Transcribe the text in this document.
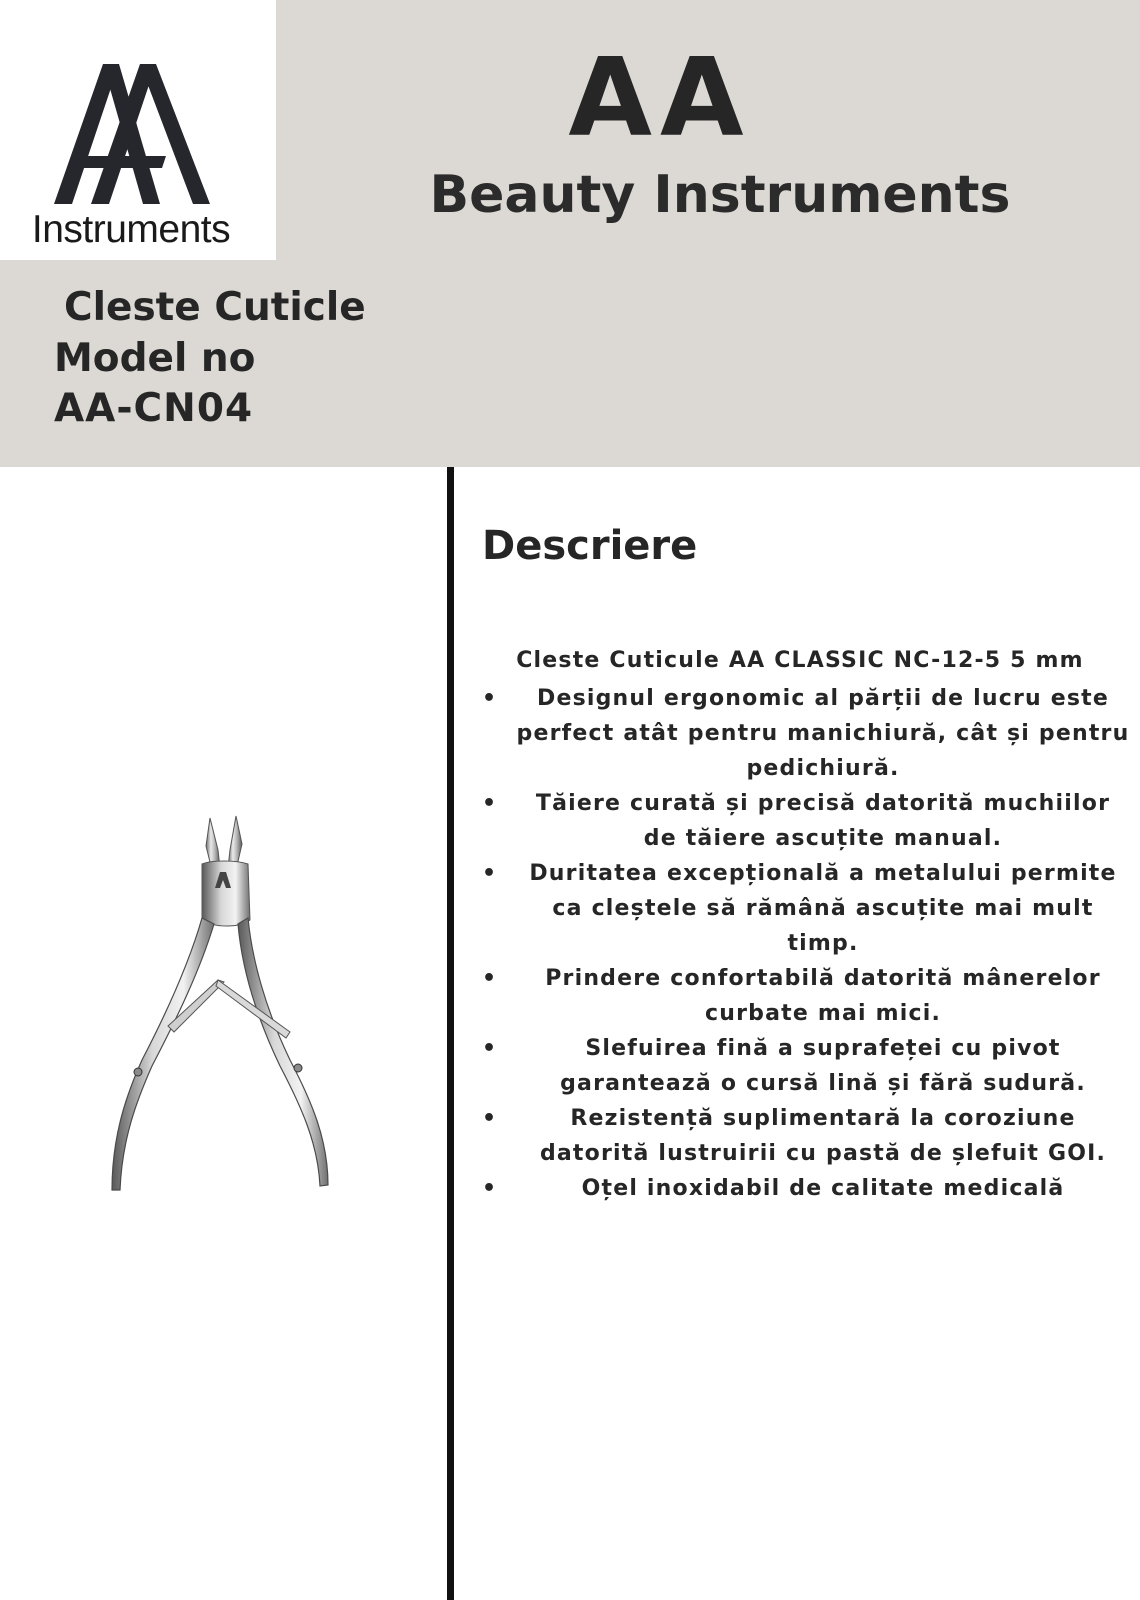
Instruments
AA
Beauty Instruments
Cleste Cuticle
Model no
AA-CN04
Descriere
Cleste Cuticule AA CLASSIC NC-12-5 5 mm
• Designul ergonomic al părții de lucru este perfect atât pentru manichiură, cât și pentru pedichiură.
• Tăiere curată și precisă datorită muchiilor de tăiere ascuțite manual.
• Duritatea excepțională a metalului permite ca cleștele să rămână ascuțite mai mult timp.
• Prindere confortabilă datorită mânerelor curbate mai mici.
•	Slefuirea fină a suprafeței cu pivot garantează o cursă lină și fără sudură.
•	Rezistență suplimentară la coroziune datorită lustruirii cu pastă de șlefuit GOI.
•	Oțel inoxidabil de calitate medicală
